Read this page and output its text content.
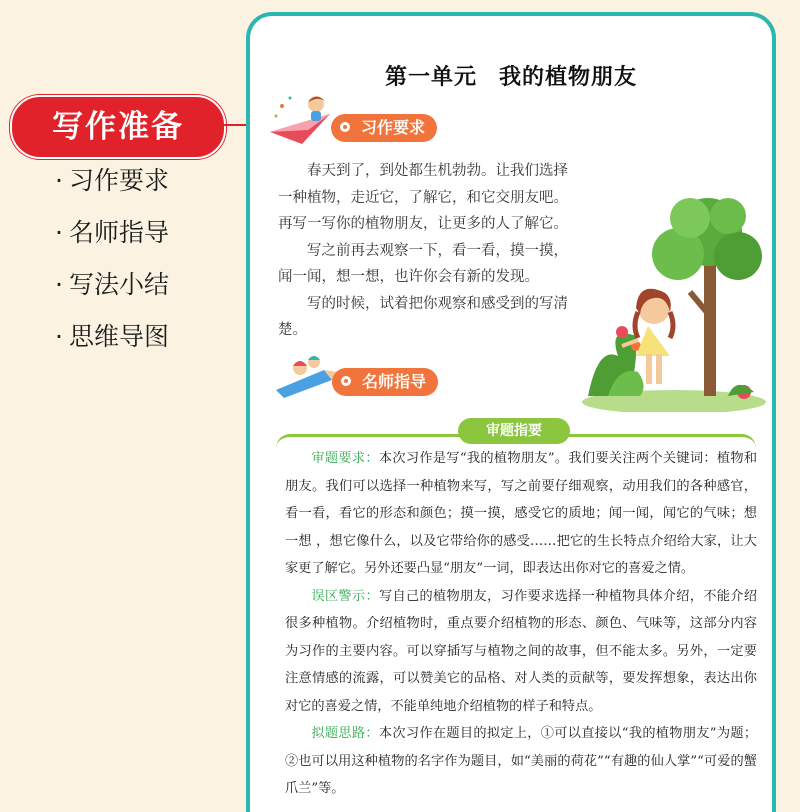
写作准备
· 习作要求
· 名师指导
· 写法小结
· 思维导图
第一单元 我的植物朋友
习作要求

春天到了，到处都生机勃勃。让我们选择一种植物，走近它，了解它，和它交朋友吧。再写一写你的植物朋友，让更多的人了解它。

写之前再去观察一下，看一看，摸一摸，闻一闻，想一想，也许你会有新的发现。

写的时候，试着把你观察和感受到的写清楚。

名师指导
审题指要

审题要求：本次习作是写“我的植物朋友”。我们要关注两个关键词：植物和朋友。我们可以选择一种植物来写，写之前要仔细观察，动用我们的各种感官，看一看，看它的形态和颜色；摸一摸，感受它的质地；闻一闻，闻它的气味；想一想 ，想它像什么，以及它带给你的感受……把它的生长特点介绍给大家，让大家更了解它。另外还要凸显“朋友”一词，即表达出你对它的喜爱之情。

误区警示：写自己的植物朋友，习作要求选择一种植物具体介绍，不能介绍很多种植物。介绍植物时，重点要介绍植物的形态、颜色、气味等，这部分内容为习作的主要内容。可以穿插写与植物之间的故事，但不能太多。另外，一定要注意情感的流露，可以赞美它的品格、对人类的贡献等，要发挥想象，表达出你对它的喜爱之情，不能单纯地介绍植物的样子和特点。

拟题思路：本次习作在题目的拟定上，①可以直接以“我的植物朋友”为题；②也可以用这种植物的名字作为题目，如“美丽的荷花”“有趣的仙人掌”“可爱的蟹爪兰”等。
